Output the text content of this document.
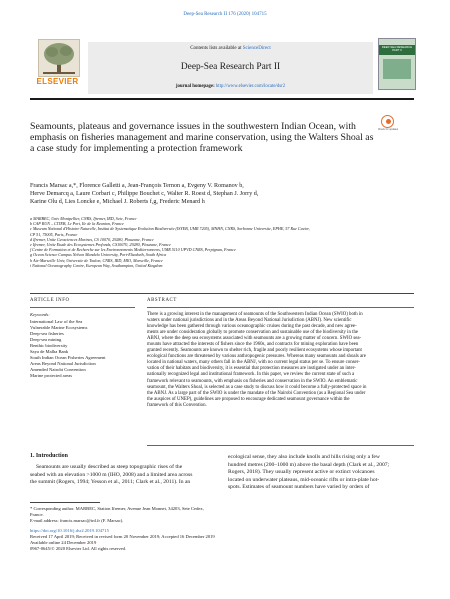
Deep-Sea Research II 176 (2020) 104715
ELSEVIER
Contents lists available at ScienceDirect
Deep-Sea Research Part II
journal homepage: http://www.elsevier.com/locate/dsr2
DEEP-SEA RESEARCH PART II
Seamounts, plateaus and governance issues in the southwestern Indian Ocean, with emphasis on fisheries management and marine conservation, using the Walters Shoal as a case study for implementing a protection framework
Check for updates
Francis Marsac a,*, Florence Galletti a, Jean-François Ternon a, Evgeny V. Romanov b,
Herve Demarcq a, Laure Corbari c, Philippe Bouchet c, Walter R. Roest d, Stephan J. Jorry d,
Karine Olu d, Lies Loncke e, Michael J. Roberts f,g, Frederic Menard h
a MARBEC, Univ Montpellier, CNRS, Ifremer, IRD, Sete, France
b CAP RUN – CITEB, Le Port, Ile de la Reunion, France
c Museum National d'Histoire Naturelle, Institut de Systematique Evolution Biodiversite (ISYEB, UMR 7205), MNHN, CNRS, Sorbonne Universite, EPHE, 57 Rue Cuvier,
CP 51, 75005, Paris, France
d Ifremer, Unite Geosciences Marines, CS 10070, 29280, Plouzane, France
e Ifremer, Unite Etude des Ecosystemes Profonds, CS10070, 29280, Plouzane, France
f Centre de Formation et de Recherche sur les Environnements Mediterraneens, UMR 5110 UPVD CNRS, Perpignan, France
g Ocean Science Campus Nelson Mandela University, Port-Elizabeth, South Africa
h Aix-Marseille Univ, Universite de Toulon, CNRS, IRD, MIO, Marseille, France
i National Oceanography Centre, European Way, Southampton, United Kingdom
ARTICLE INFO	ABSTRACT
Keywords:
International Law of the Sea
Vulnerable Marine Ecosystems
Deep-sea fisheries
Deep-sea mining
Benthic biodiversity
Saya de Malha Bank
South Indian Ocean Fisheries Agreement
Areas Beyond National Jurisdiction
Amended Nairobi Convention
Marine protected areas
There is a growing interest in the management of seamounts of the Southwestern Indian Ocean (SWIO) both in
waters under national jurisdictions and in the Areas Beyond National Jurisdiction (ABNJ). New scientific
knowledge has been gathered through various oceanographic cruises during the past decade, and new agree-
ments are under consideration globally to promote conservation and sustainable use of the biodiversity in the
ABNJ, where the deep sea ecosystems associated with seamounts are a growing matter of concern. SWIO sea-
mounts have attracted the interests of fishers since the 1960s, and contracts for mining exploration have been
granted recently. Seamounts are known to shelter rich, fragile and poorly resilient ecosystems whose important
ecological functions are threatened by various anthropogenic pressures. Whereas many seamounts and shoals are
located in national waters, many others fall in the ABNJ, with no current legal status per se. To ensure conser-
vation of their habitats and biodiversity, it is essential that protection measures are instigated under an inter-
nationally recognized legal and institutional framework. In this paper, we review the current state of such a
framework relevant to seamounts, with emphasis on fisheries and conservation in the SWIO. An emblematic
seamount, the Walters Shoal, is selected as a case study to discuss how it could become a fully-protected space in
the ABNJ. As a large part of the SWIO is under the mandate of the Nairobi Convention (as a Regional Sea under
the auspices of UNEP), guidelines are proposed to encourage dedicated seamount governance within the
framework of this Convention.
1. Introduction
Seamounts are usually described as steep topographic rises of the
seabed with an elevation >1000 m (IHO, 2008) and a limited area across
the summit (Rogers, 1994; Yesson et al., 2011; Clark et al., 2011). In an
ecological sense, they also include knolls and hills rising only a few
hundred metres (200–1000 m) above the basal depth (Clark et al., 2007;
Rogers, 2018). They usually represent active or extinct volcanoes
located on underwater plateaus, mid-oceanic rifts or intra-plate hot-
spots. Estimates of seamount numbers have varied by orders of
* Corresponding author. MARBEC, Station Ifremer, Avenue Jean Monnet, 34203, Sete Cedex, France.
E-mail address: francis.marsac@ird.fr (F. Marsac).
https://doi.org/10.1016/j.dsr2.2019.104715
Received 17 April 2019; Received in revised form 20 November 2019; Accepted 16 December 2019
Available online 24 December 2019
0967-0645/© 2020 Elsevier Ltd. All rights reserved.
